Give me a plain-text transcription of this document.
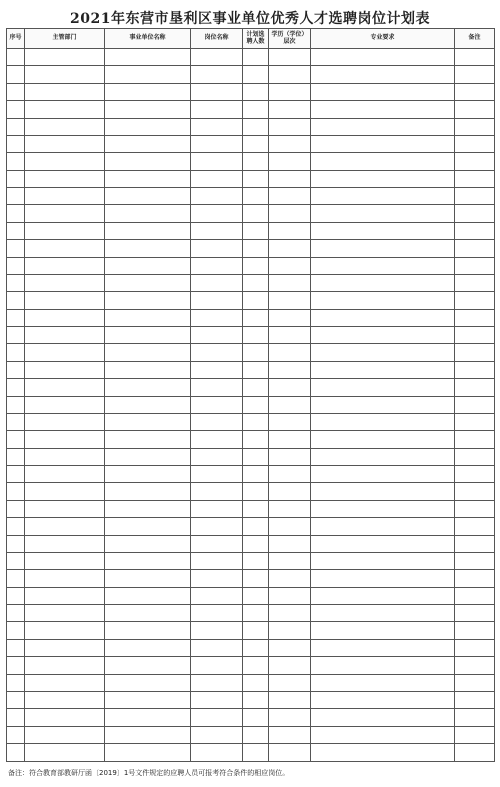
2021年东营市垦利区事业单位优秀人才选聘岗位计划表
序号	主管部门	事业单位名称	岗位名称	计划选聘人数	学历（学位）层次	专业要求	备注

备注：符合教育部教研厅函〔2019〕1号文件规定的应聘人员可报考符合条件的相应岗位。
